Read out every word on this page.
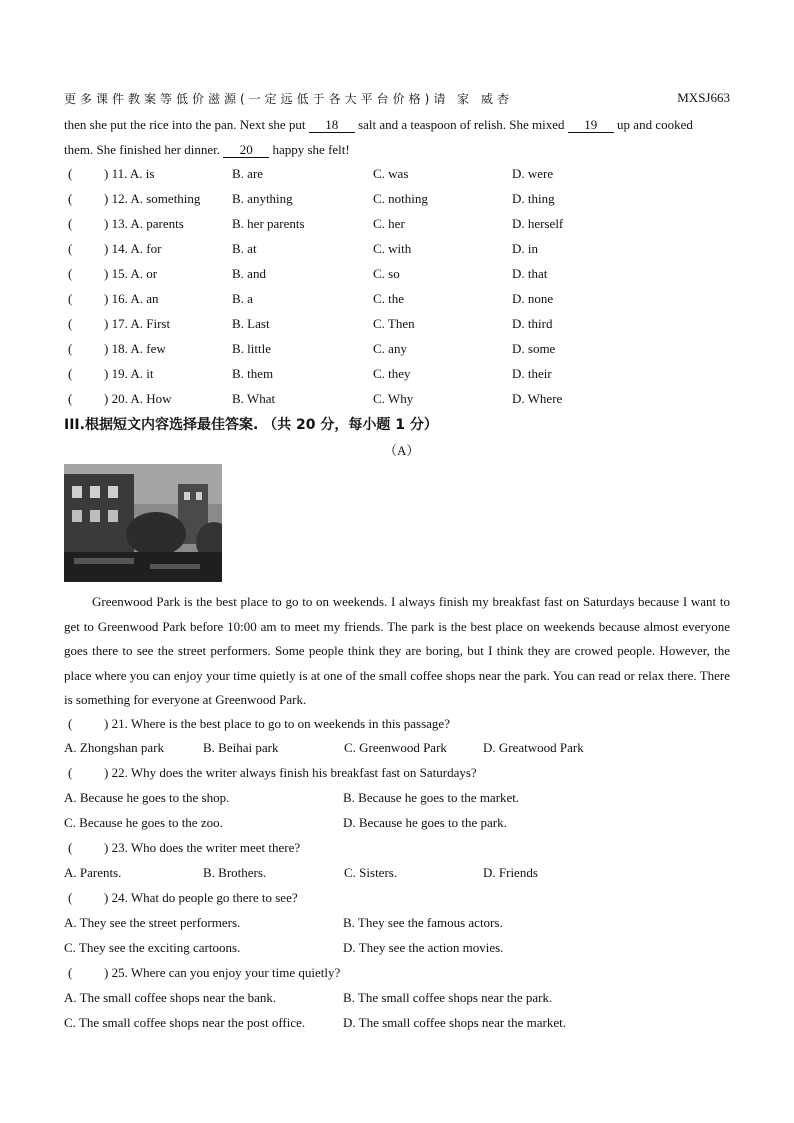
更多课件教案等低价滋源(一定远低于各大平台价格)请 家 威杏	MXSJ663
then she put the rice into the pan. Next she put 18 salt and a teaspoon of relish. She mixed 19 up and cooked
them. She finished her dinner. 20 happy she felt!
( ) 11. A. is	B. are	C. was	D. were
( ) 12. A. something B. anything	C. nothing	D. thing
( ) 13. A. parents	B. her parents	C. her	D. herself
( ) 14. A. for	B. at	C. with	D. in
( ) 15. A. or	B. and	C. so	D. that
( ) 16. A. an	B. a	C. the	D. none
( ) 17. A. First	B. Last	C. Then	D. third
( ) 18. A. few	B. little	C. any	D. some
( ) 19. A. it	B. them	C. they	D. their
( ) 20. A. How	B. What	C. Why	D. Where
III.根据短文内容选择最佳答案. （共 20 分，每小题 1 分）
（A）

Greenwood Park is the best place to go to on weekends. I always finish my breakfast fast on Saturdays because I want to get to Greenwood Park before 10:00 am to meet my friends. The park is the best place on weekends because almost everyone goes there to see the street performers. Some people think they are boring, but I think they are crowed people. However, the place where you can enjoy your time quietly is at one of the small coffee shops near the park. You can read or relax there. There is something for everyone at Greenwood Park.

( ) 21. Where is the best place to go to on weekends in this passage?
A. Zhongshan park	B. Beihai park	C. Greenwood Park	D. Greatwood Park
( ) 22. Why does the writer always finish his breakfast fast on Saturdays?
A. Because he goes to the shop.	B. Because he goes to the market.
C. Because he goes to the zoo.	D. Because he goes to the park.
( ) 23. Who does the writer meet there?
A. Parents.	B. Brothers.	C. Sisters.	D. Friends
( ) 24. What do people go there to see?
A. They see the street performers.	B. They see the famous actors.
C. They see the exciting cartoons.	D. They see the action movies.
( ) 25. Where can you enjoy your time quietly?
A. The small coffee shops near the bank.	B. The small coffee shops near the park.
C. The small coffee shops near the post office.	D. The small coffee shops near the market.
